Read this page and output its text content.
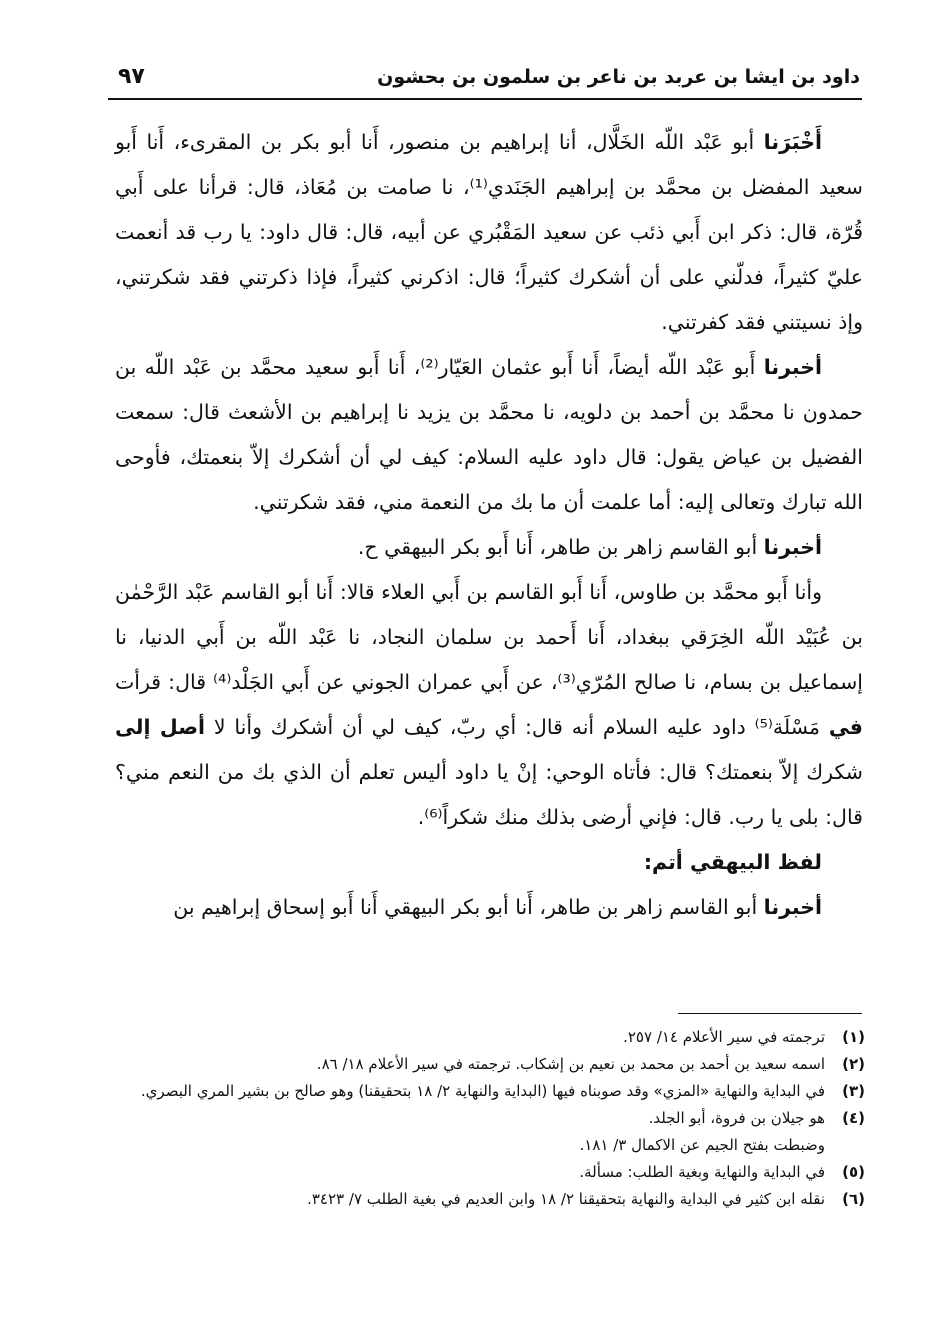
داود بن ايشا بن عربد بن ناعر بن سلمون بن بحشون
٩٧

  أَخْبَرَنا أبو عَبْد اللّه الخَلَّال، أنا إبراهيم بن منصور، أَنا أبو بكر بن المقرىء، أَنا أَبو سعيد المفضل بن محمَّد بن إبراهيم الجَنَدي⁽¹⁾، نا صامت بن مُعَاذ، قال: قرأنا على أَبي قُرّة، قال: ذكر ابن أَبي ذئب عن سعيد المَقْبُري عن أبيه، قال: قال داود: يا رب قد أنعمت عليّ كثيراً، فدلّني على أن أشكرك كثيراً؛ قال: اذكرني كثيراً، فإذا ذكرتني فقد شكرتني، وإذ نسيتني فقد كفرتني.

  أخبرنا أَبو عَبْد اللّه أيضاً، أَنا أَبو عثمان العَيّار⁽²⁾، أَنا أَبو سعيد محمَّد بن عَبْد اللّه بن حمدون نا محمَّد بن أحمد بن دلويه، نا محمَّد بن يزيد نا إبراهيم بن الأشعث قال: سمعت الفضيل بن عياض يقول: قال داود عليه السلام: كيف لي أن أشكرك إلاّ بنعمتك، فأوحى الله تبارك وتعالى إليه: أما علمت أن ما بك من النعمة مني، فقد شكرتني.

  أخبرنا أبو القاسم زاهر بن طاهر، أَنا أَبو بكر البيهقي ح.

  وأنا أَبو محمَّد بن طاوس، أَنا أَبو القاسم بن أَبي العلاء قالا: أَنا أبو القاسم عَبْد الرَّحْمٰن بن عُبَيْد اللّه الخِرَقي ببغداد، أَنا أَحمد بن سلمان النجاد، نا عَبْد اللّه بن أَبي الدنيا، نا إسماعيل بن بسام، نا صالح المُرّي⁽³⁾، عن أَبي عمران الجوني عن أَبي الجَلْد⁽⁴⁾ قال: قرأت في مَسْلَة⁽⁵⁾ داود عليه السلام أنه قال: أي ربّ، كيف لي أن أشكرك وأنا لا أصل إلى شكرك إلاّ بنعمتك؟ قال: فأتاه الوحي: إنْ يا داود أليس تعلم أن الذي بك من النعم مني؟ قال: بلى يا رب. قال: فإني أرضى بذلك منك شكراً⁽⁶⁾.

  لفظ البيهقي أتم:

  أخبرنا أبو القاسم زاهر بن طاهر، أَنا أبو بكر البيهقي أَنا أَبو إسحاق إبراهيم بن

(١)
ترجمته في سير الأعلام ١٤/ ٢٥٧.

(٢)
اسمه سعيد بن أحمد بن محمد بن نعيم بن إشكاب. ترجمته في سير الأعلام ١٨/ ٨٦.

(٣)
في البداية والنهاية «المزي» وقد صوبناه فيها (البداية والنهاية ٢/ ١٨ بتحقيقنا) وهو صالح بن بشير المري البصري.

(٤)
هو جيلان بن فروة، أبو الجلد.

وضبطت بفتح الجيم عن الاكمال ٣/ ١٨١.

(٥)
في البداية والنهاية وبغية الطلب: مسألة.

(٦)
نقله ابن كثير في البداية والنهاية بتحقيقنا ٢/ ١٨ وابن العديم في بغية الطلب ٧/ ٣٤٢٣.
